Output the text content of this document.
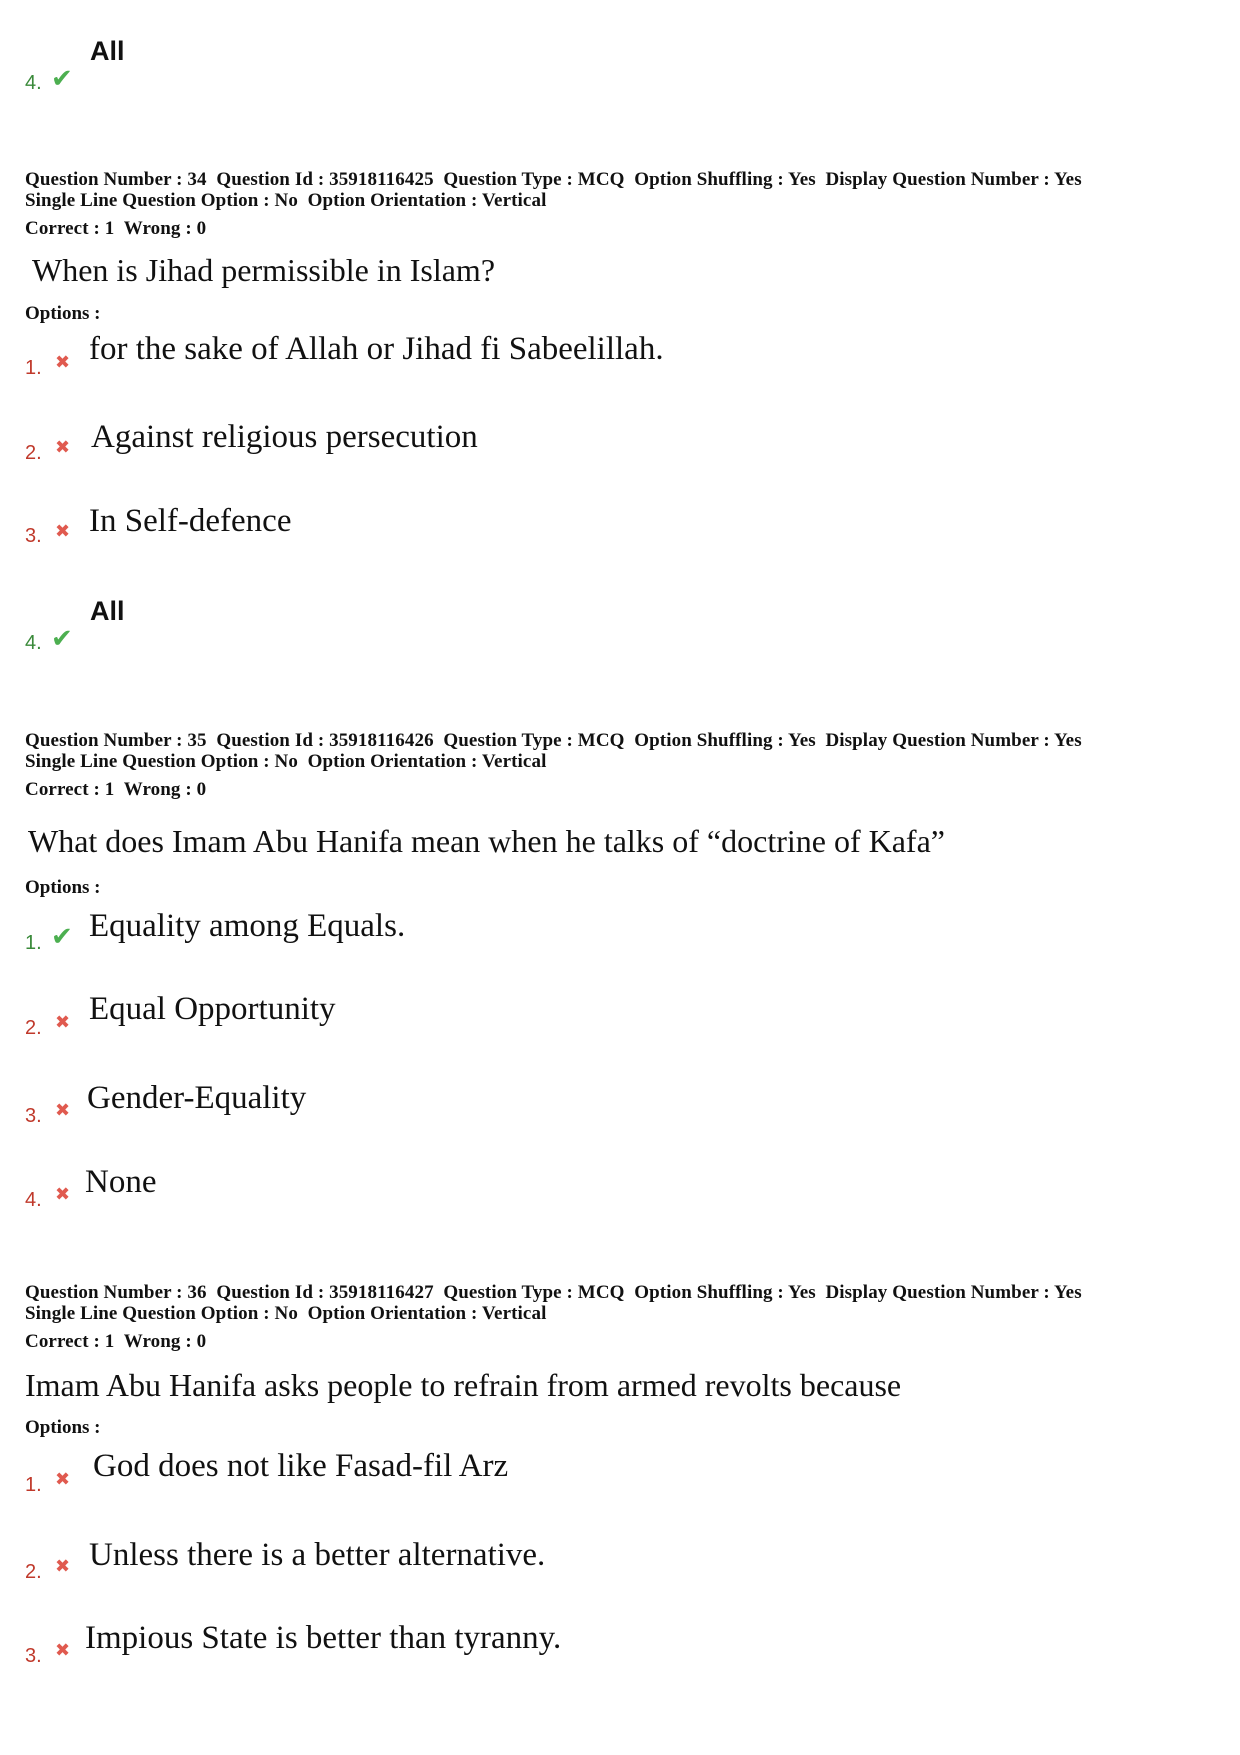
All
4. ✔
Question Number : 34  Question Id : 35918116425  Question Type : MCQ  Option Shuffling : Yes  Display Question Number : Yes
Single Line Question Option : No  Option Orientation : Vertical
Correct : 1  Wrong : 0
When is Jihad permissible in Islam?
Options :
1. ✖ for the sake of Allah or Jihad fi Sabeelillah.
2. ✖ Against religious persecution
3. ✖ In Self-defence
All
4. ✔
Question Number : 35  Question Id : 35918116426  Question Type : MCQ  Option Shuffling : Yes  Display Question Number : Yes
Single Line Question Option : No  Option Orientation : Vertical
Correct : 1  Wrong : 0
What does Imam Abu Hanifa mean when he talks of “doctrine of Kafa”
Options :
1. ✔ Equality among Equals.
2. ✖ Equal Opportunity
3. ✖ Gender-Equality
4. ✖ None
Question Number : 36  Question Id : 35918116427  Question Type : MCQ  Option Shuffling : Yes  Display Question Number : Yes
Single Line Question Option : No  Option Orientation : Vertical
Correct : 1  Wrong : 0
Imam Abu Hanifa asks people to refrain from armed revolts because
Options :
1. ✖ God does not like Fasad-fil Arz
2. ✖ Unless there is a better alternative.
3. ✖ Impious State is better than tyranny.
